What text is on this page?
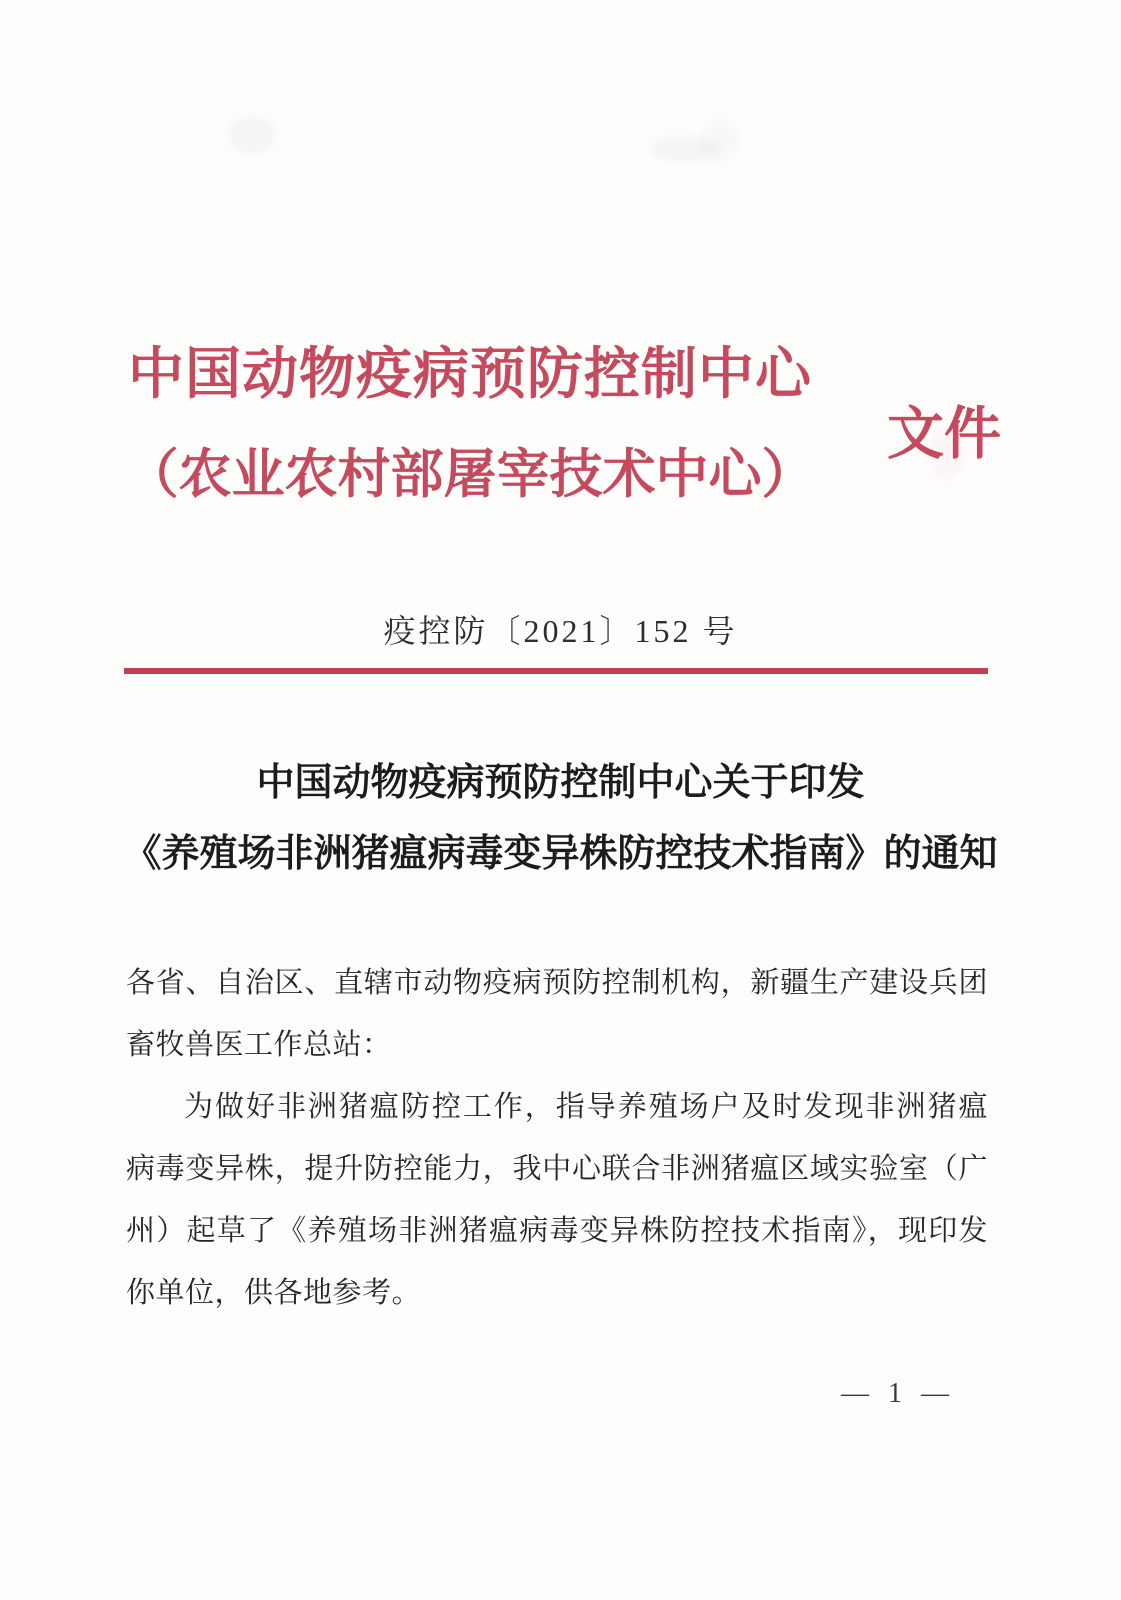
中国动物疫病预防控制中心
（农业农村部屠宰技术中心）
文件
疫控防〔2021〕152 号
中国动物疫病预防控制中心关于印发
《养殖场非洲猪瘟病毒变异株防控技术指南》的通知

各省、自治区、直辖市动物疫病预防控制机构，新疆生产建设兵团

畜牧兽医工作总站：

为做好非洲猪瘟防控工作，指导养殖场户及时发现非洲猪瘟

病毒变异株，提升防控能力，我中心联合非洲猪瘟区域实验室（广

州）起草了《养殖场非洲猪瘟病毒变异株防控技术指南》，现印发

你单位，供各地参考。

— 1 —
